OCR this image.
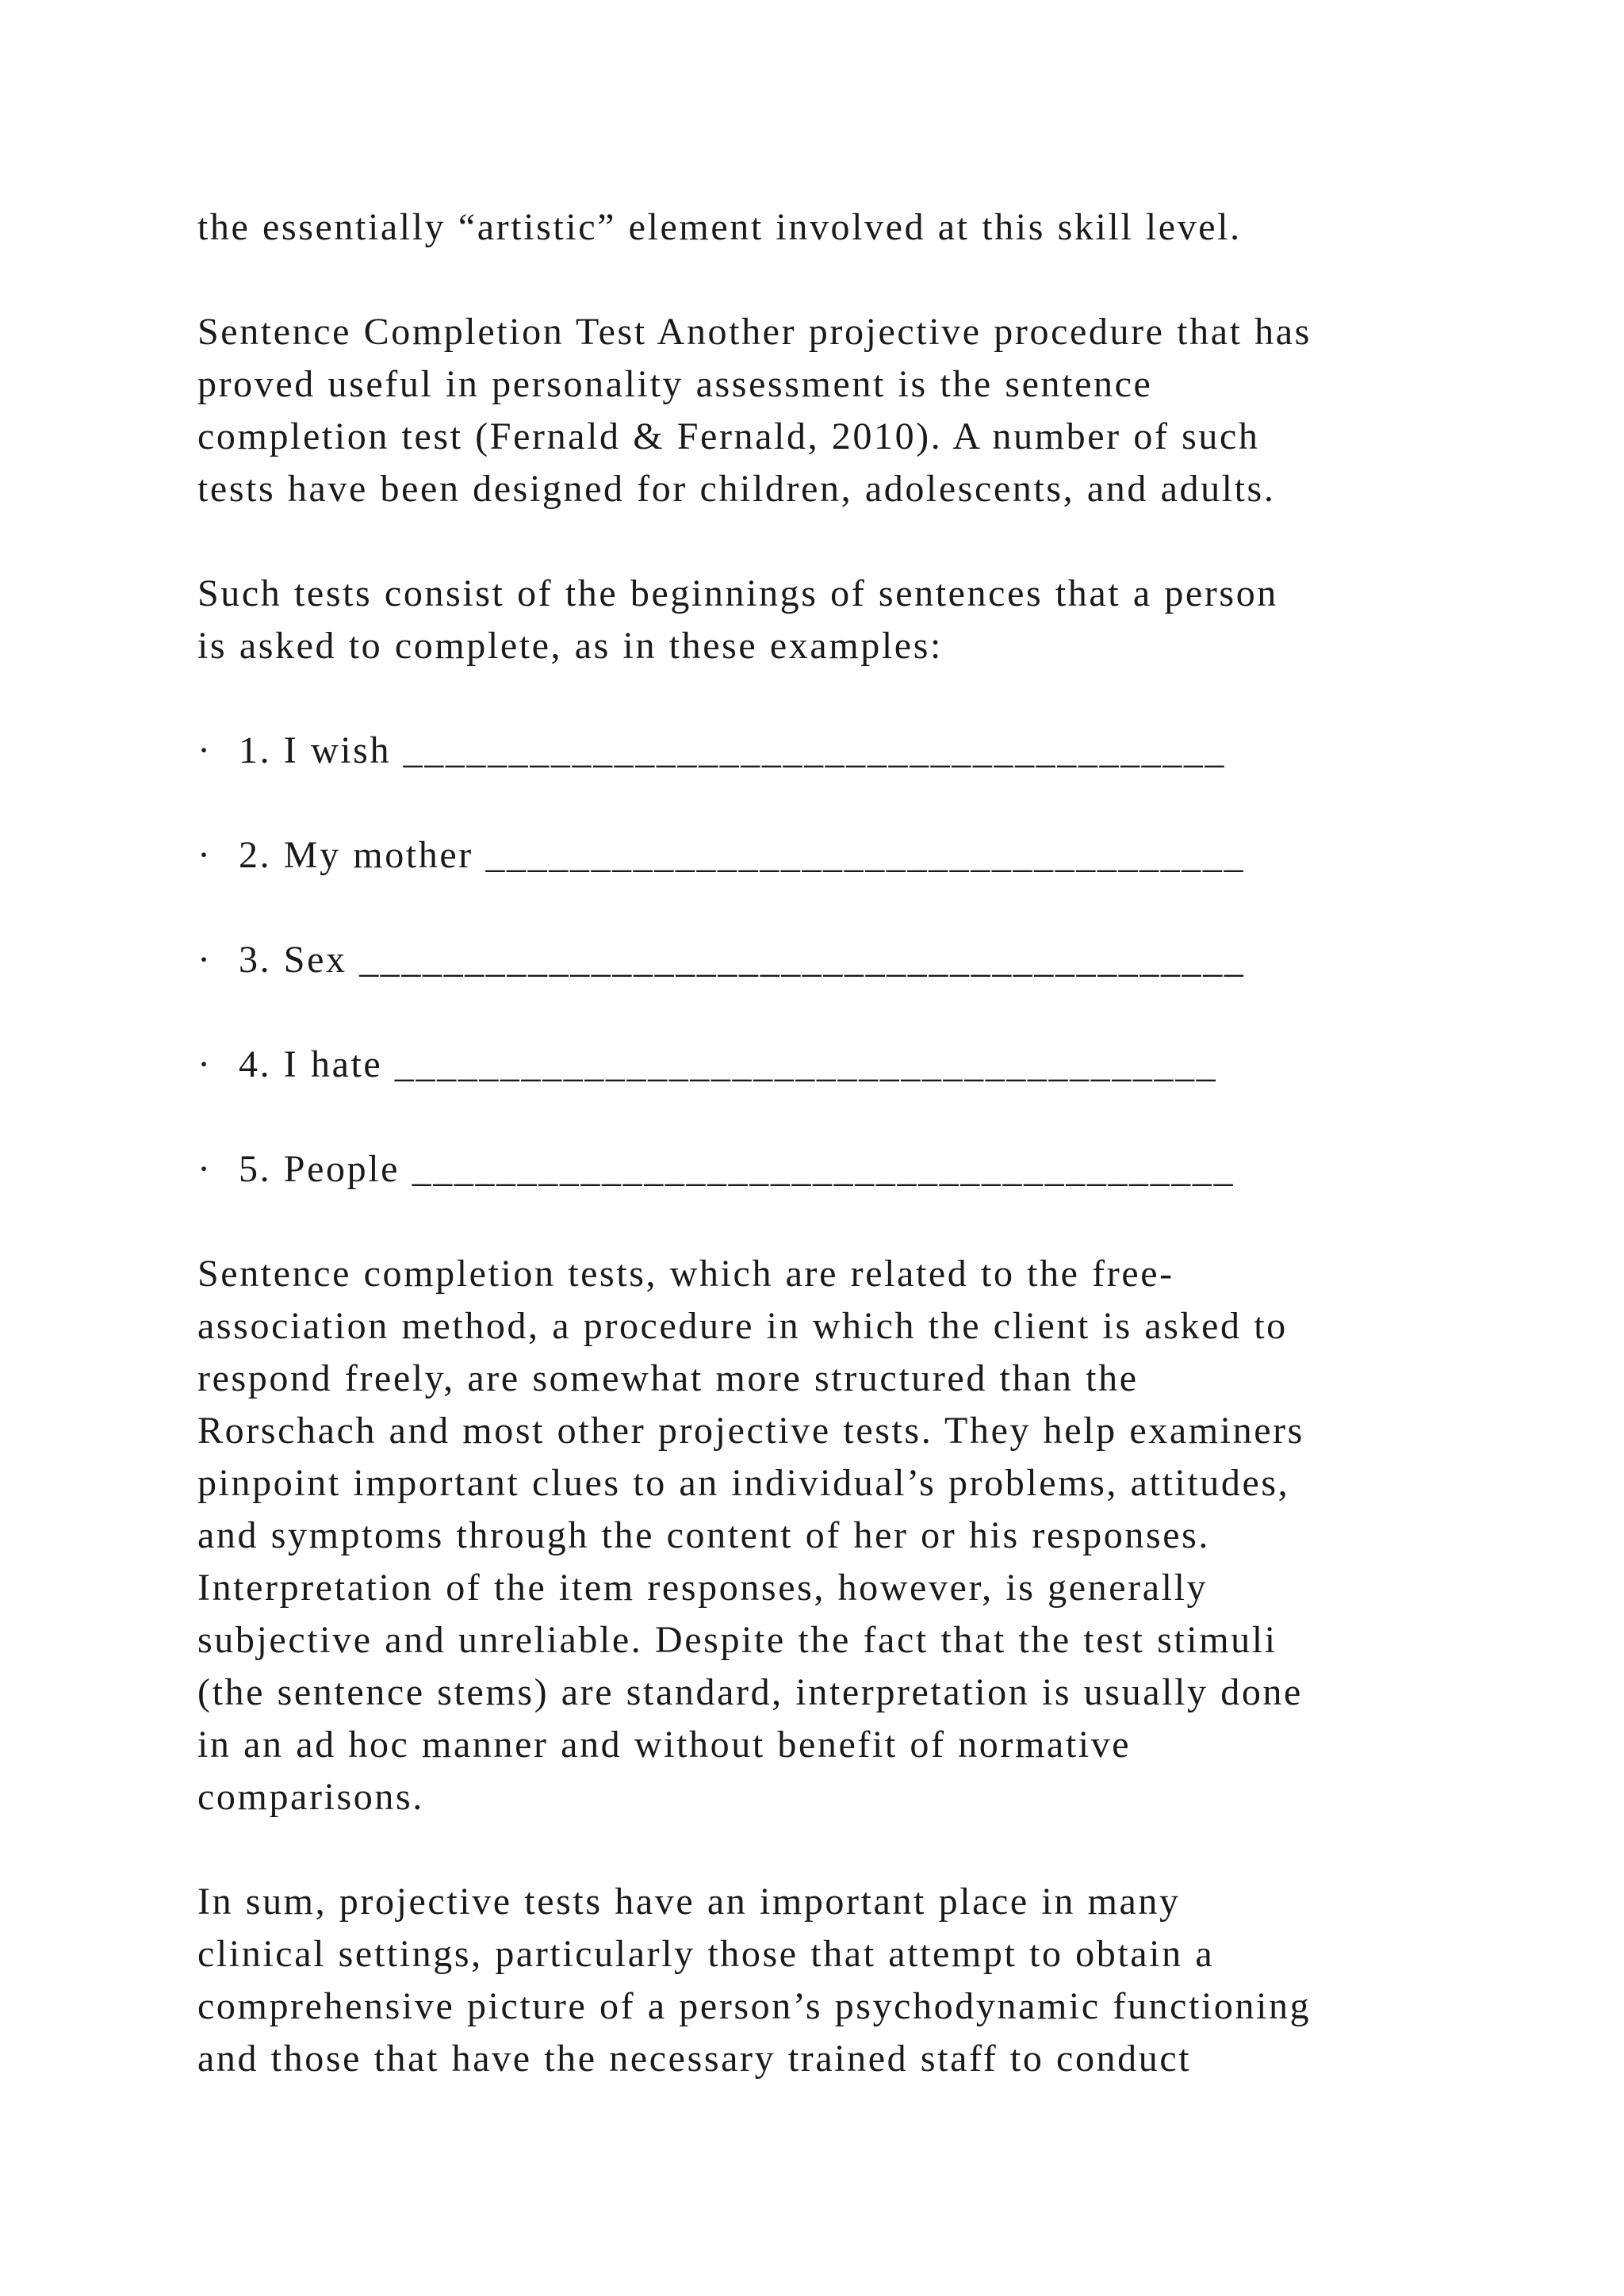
the essentially “artistic” element involved at this skill level.
Sentence Completion Test Another projective procedure that has
proved useful in personality assessment is the sentence
completion test (Fernald & Fernald, 2010). A number of such
tests have been designed for children, adolescents, and adults.
Such tests consist of the beginnings of sentences that a person
is asked to complete, as in these examples:
· 1. I wish _______________________________________
· 2. My mother ____________________________________
· 3. Sex __________________________________________
· 4. I hate _______________________________________
· 5. People _______________________________________
Sentence completion tests, which are related to the free-
association method, a procedure in which the client is asked to
respond freely, are somewhat more structured than the
Rorschach and most other projective tests. They help examiners
pinpoint important clues to an individual’s problems, attitudes,
and symptoms through the content of her or his responses.
Interpretation of the item responses, however, is generally
subjective and unreliable. Despite the fact that the test stimuli
(the sentence stems) are standard, interpretation is usually done
in an ad hoc manner and without benefit of normative
comparisons.
In sum, projective tests have an important place in many
clinical settings, particularly those that attempt to obtain a
comprehensive picture of a person’s psychodynamic functioning
and those that have the necessary trained staff to conduct
